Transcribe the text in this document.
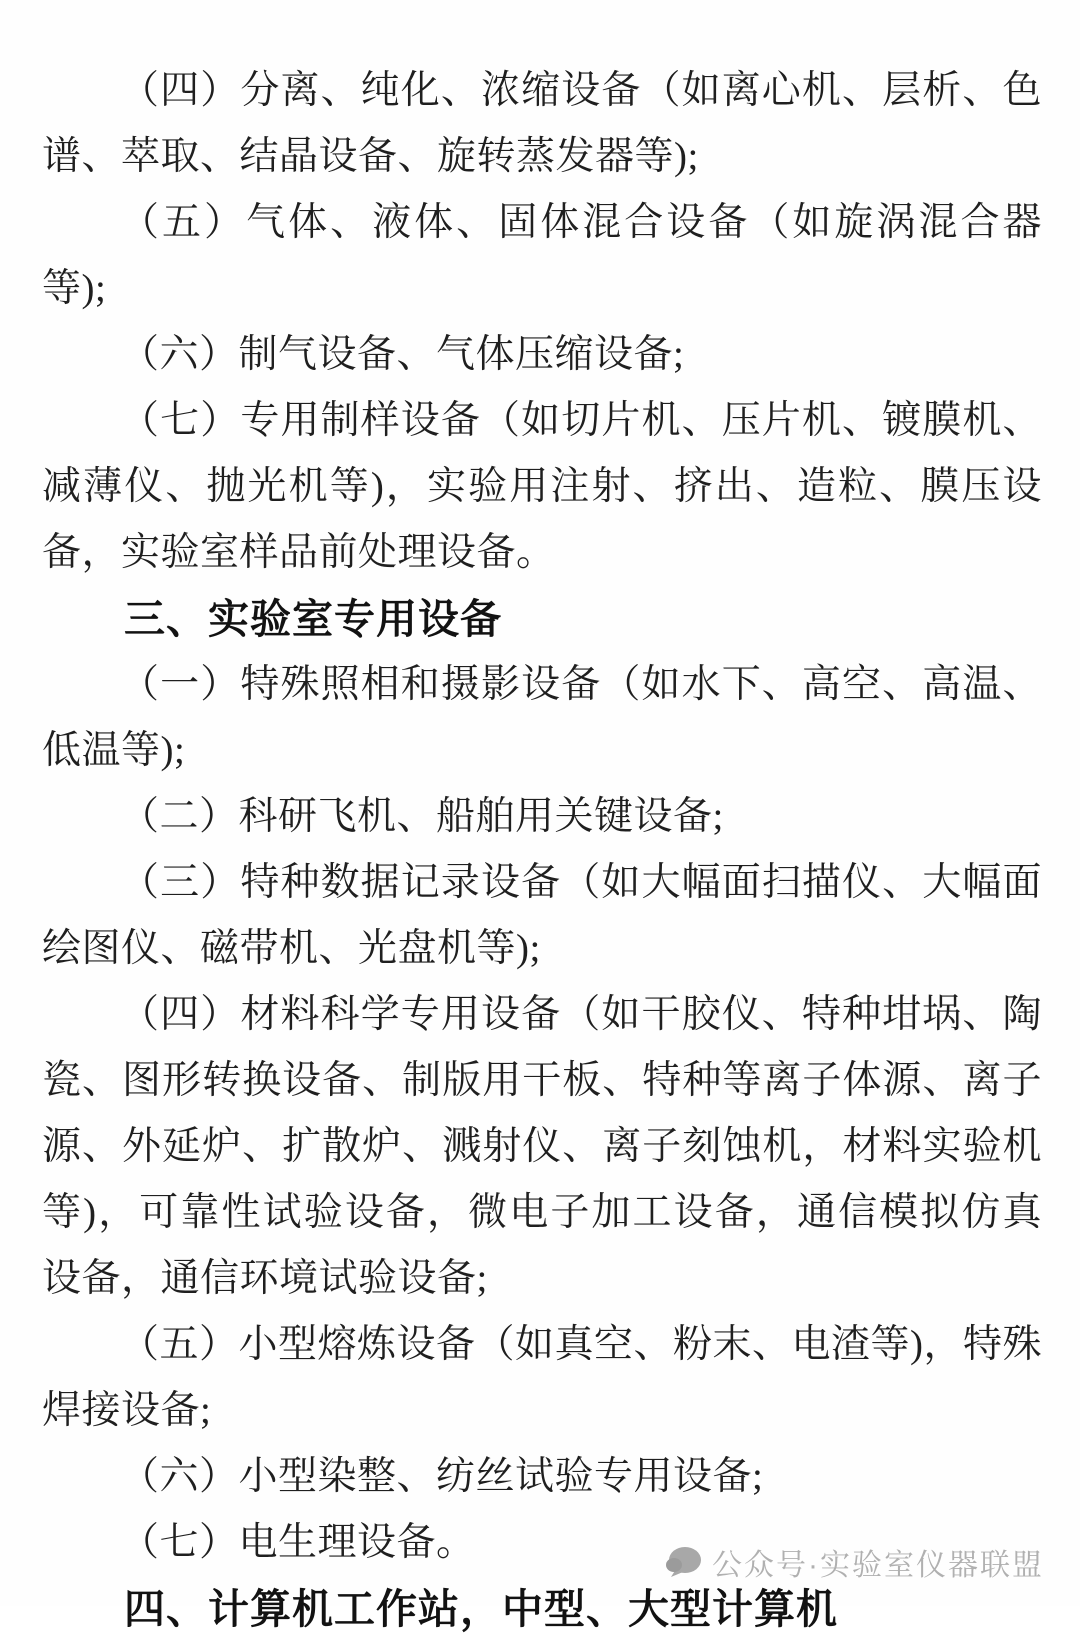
（四）分离、纯化、浓缩设备（如离心机、层析、色谱、萃取、结晶设备、旋转蒸发器等);

（五）气体、液体、固体混合设备（如旋涡混合器等);

（六）制气设备、气体压缩设备;

（七）专用制样设备（如切片机、压片机、镀膜机、减薄仪、抛光机等)，实验用注射、挤出、造粒、膜压设备，实验室样品前处理设备。

三、实验室专用设备

（一）特殊照相和摄影设备（如水下、高空、高温、低温等);

（二）科研飞机、船舶用关键设备;

（三）特种数据记录设备（如大幅面扫描仪、大幅面绘图仪、磁带机、光盘机等);

（四）材料科学专用设备（如干胶仪、特种坩埚、陶瓷、图形转换设备、制版用干板、特种等离子体源、离子源、外延炉、扩散炉、溅射仪、离子刻蚀机，材料实验机等)，可靠性试验设备，微电子加工设备，通信模拟仿真设备，通信环境试验设备;

（五）小型熔炼设备（如真空、粉末、电渣等)，特殊焊接设备;

（六）小型染整、纺丝试验专用设备;

（七）电生理设备。

四、计算机工作站，中型、大型计算机

公众号·实验室仪器联盟
